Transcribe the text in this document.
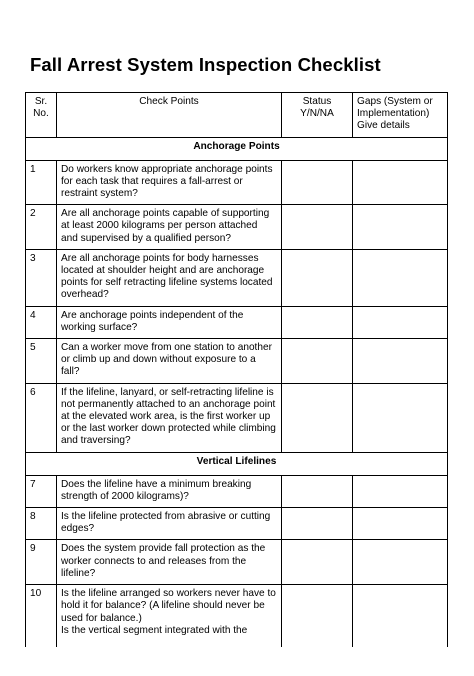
Fall Arrest System Inspection Checklist
Sr. No.	Check Points	Status Y/N/NA	Gaps (System or Implementation) Give details
Anchorage Points			
1	Do workers know appropriate anchorage points for each task that requires a fall-arrest or restraint system?		
2	Are all anchorage points capable of supporting at least 2000 kilograms per person attached and supervised by a qualified person?		
3	Are all anchorage points for body harnesses located at shoulder height and are anchorage points for self retracting lifeline systems located overhead?		
4	Are anchorage points independent of the working surface?		
5	Can a worker move from one station to another or climb up and down without exposure to a fall?		
6	If the lifeline, lanyard, or self-retracting lifeline is not permanently attached to an anchorage point at the elevated work area, is the first worker up or the last worker down protected while climbing and traversing?		
Vertical Lifelines			
7	Does the lifeline have a minimum breaking strength of 2000 kilograms)?		
8	Is the lifeline protected from abrasive or cutting edges?		
9	Does the system provide fall protection as the worker connects to and releases from the lifeline?		
10	Is the lifeline arranged so workers never have to hold it for balance? (A lifeline should never be used for balance.)
Is the vertical segment integrated with the		
